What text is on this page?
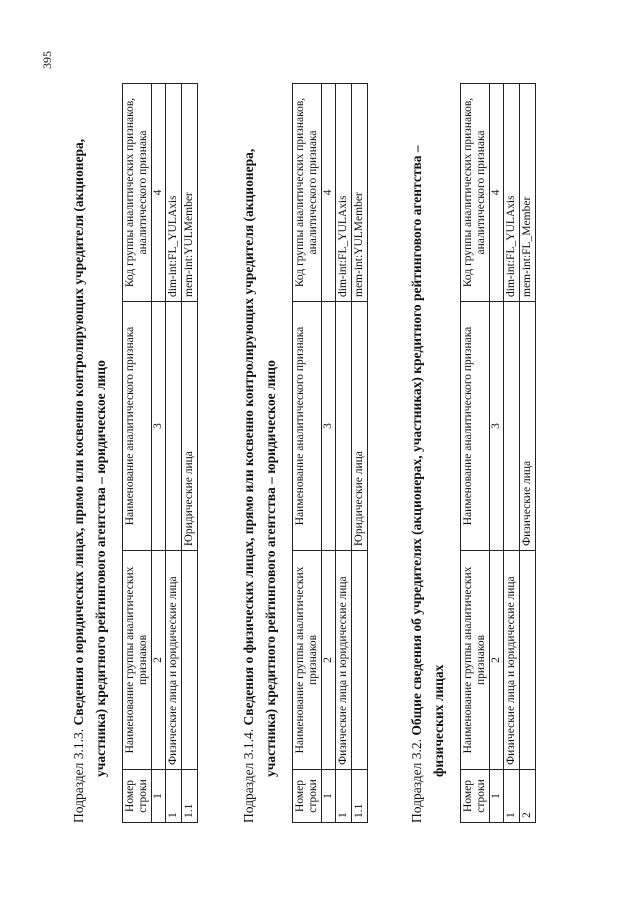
395

Подраздел 3.1.3. Сведения о юридических лицах, прямо или косвенно контролирующих учредителя (акционера, участника) кредитного рейтингового агентства – юридическое лицо

Номер строки	Наименование группы аналитических признаков	Наименование аналитического признака	Код группы аналитических признаков, аналитического признака
1	2	3	4
1	Физические лица и юридические лица		dim-int:FL_YULAxis
1.1		Юридические лица	mem-int:YULMember

Подраздел 3.1.4. Сведения о физических лицах, прямо или косвенно контролирующих учредителя (акционера, участника) кредитного рейтингового агентства – юридическое лицо

Номер строки	Наименование группы аналитических признаков	Наименование аналитического признака	Код группы аналитических признаков, аналитического признака
1	2	3	4
1	Физические лица и юридические лица		dim-int:FL_YULAxis
1.1		Юридические лица	mem-int:YULMember

Подраздел 3.2. Общие сведения об учредителях (акционерах, участниках) кредитного рейтингового агентства – физических лицах

Номер строки	Наименование группы аналитических признаков	Наименование аналитического признака	Код группы аналитических признаков, аналитического признака
1	2	3	4
1	Физические лица и юридические лица		dim-int:FL_YULAxis
2		Физические лица	mem-int:FL_Member
